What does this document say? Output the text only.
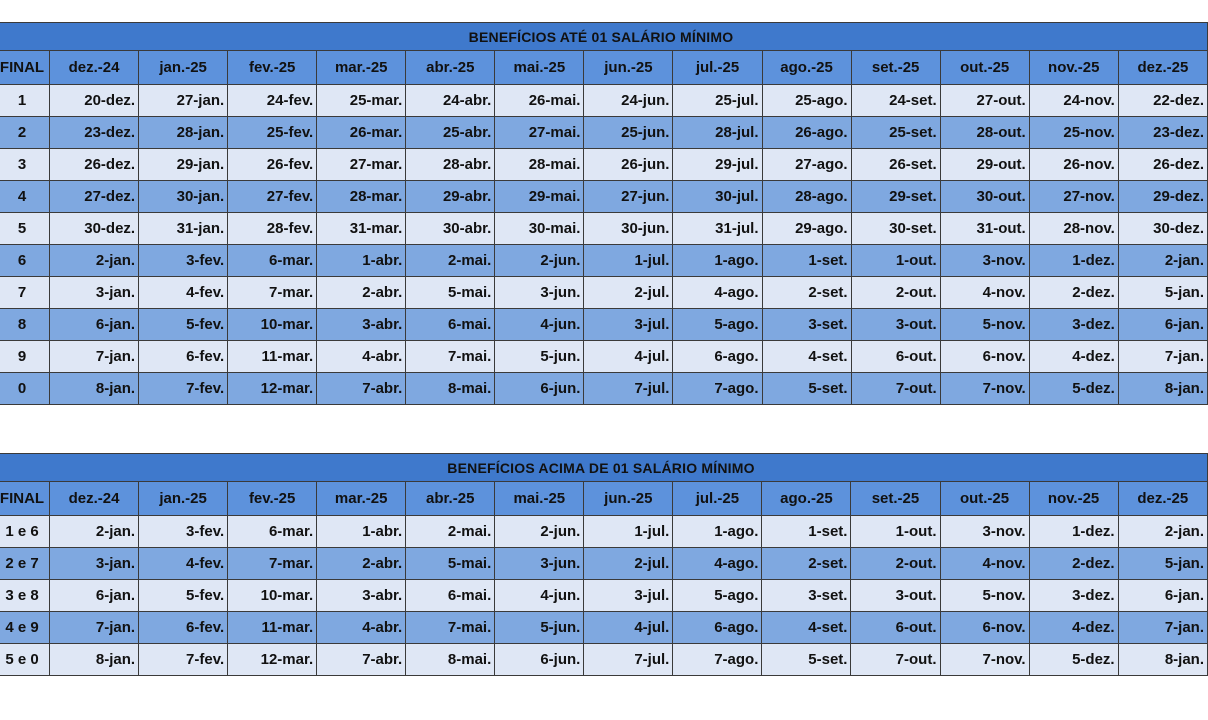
BENEFÍCIOS ATÉ 01 SALÁRIO MÍNIMO													
FINAL	dez.-24	jan.-25	fev.-25	mar.-25	abr.-25	mai.-25	jun.-25	jul.-25	ago.-25	set.-25	out.-25	nov.-25	dez.-25
1	20-dez.	27-jan.	24-fev.	25-mar.	24-abr.	26-mai.	24-jun.	25-jul.	25-ago.	24-set.	27-out.	24-nov.	22-dez.
2	23-dez.	28-jan.	25-fev.	26-mar.	25-abr.	27-mai.	25-jun.	28-jul.	26-ago.	25-set.	28-out.	25-nov.	23-dez.
3	26-dez.	29-jan.	26-fev.	27-mar.	28-abr.	28-mai.	26-jun.	29-jul.	27-ago.	26-set.	29-out.	26-nov.	26-dez.
4	27-dez.	30-jan.	27-fev.	28-mar.	29-abr.	29-mai.	27-jun.	30-jul.	28-ago.	29-set.	30-out.	27-nov.	29-dez.
5	30-dez.	31-jan.	28-fev.	31-mar.	30-abr.	30-mai.	30-jun.	31-jul.	29-ago.	30-set.	31-out.	28-nov.	30-dez.
6	2-jan.	3-fev.	6-mar.	1-abr.	2-mai.	2-jun.	1-jul.	1-ago.	1-set.	1-out.	3-nov.	1-dez.	2-jan.
7	3-jan.	4-fev.	7-mar.	2-abr.	5-mai.	3-jun.	2-jul.	4-ago.	2-set.	2-out.	4-nov.	2-dez.	5-jan.
8	6-jan.	5-fev.	10-mar.	3-abr.	6-mai.	4-jun.	3-jul.	5-ago.	3-set.	3-out.	5-nov.	3-dez.	6-jan.
9	7-jan.	6-fev.	11-mar.	4-abr.	7-mai.	5-jun.	4-jul.	6-ago.	4-set.	6-out.	6-nov.	4-dez.	7-jan.
0	8-jan.	7-fev.	12-mar.	7-abr.	8-mai.	6-jun.	7-jul.	7-ago.	5-set.	7-out.	7-nov.	5-dez.	8-jan.
BENEFÍCIOS ACIMA DE 01 SALÁRIO MÍNIMO													
FINAL	dez.-24	jan.-25	fev.-25	mar.-25	abr.-25	mai.-25	jun.-25	jul.-25	ago.-25	set.-25	out.-25	nov.-25	dez.-25
1 e 6	2-jan.	3-fev.	6-mar.	1-abr.	2-mai.	2-jun.	1-jul.	1-ago.	1-set.	1-out.	3-nov.	1-dez.	2-jan.
2 e 7	3-jan.	4-fev.	7-mar.	2-abr.	5-mai.	3-jun.	2-jul.	4-ago.	2-set.	2-out.	4-nov.	2-dez.	5-jan.
3 e 8	6-jan.	5-fev.	10-mar.	3-abr.	6-mai.	4-jun.	3-jul.	5-ago.	3-set.	3-out.	5-nov.	3-dez.	6-jan.
4 e 9	7-jan.	6-fev.	11-mar.	4-abr.	7-mai.	5-jun.	4-jul.	6-ago.	4-set.	6-out.	6-nov.	4-dez.	7-jan.
5 e 0	8-jan.	7-fev.	12-mar.	7-abr.	8-mai.	6-jun.	7-jul.	7-ago.	5-set.	7-out.	7-nov.	5-dez.	8-jan.
